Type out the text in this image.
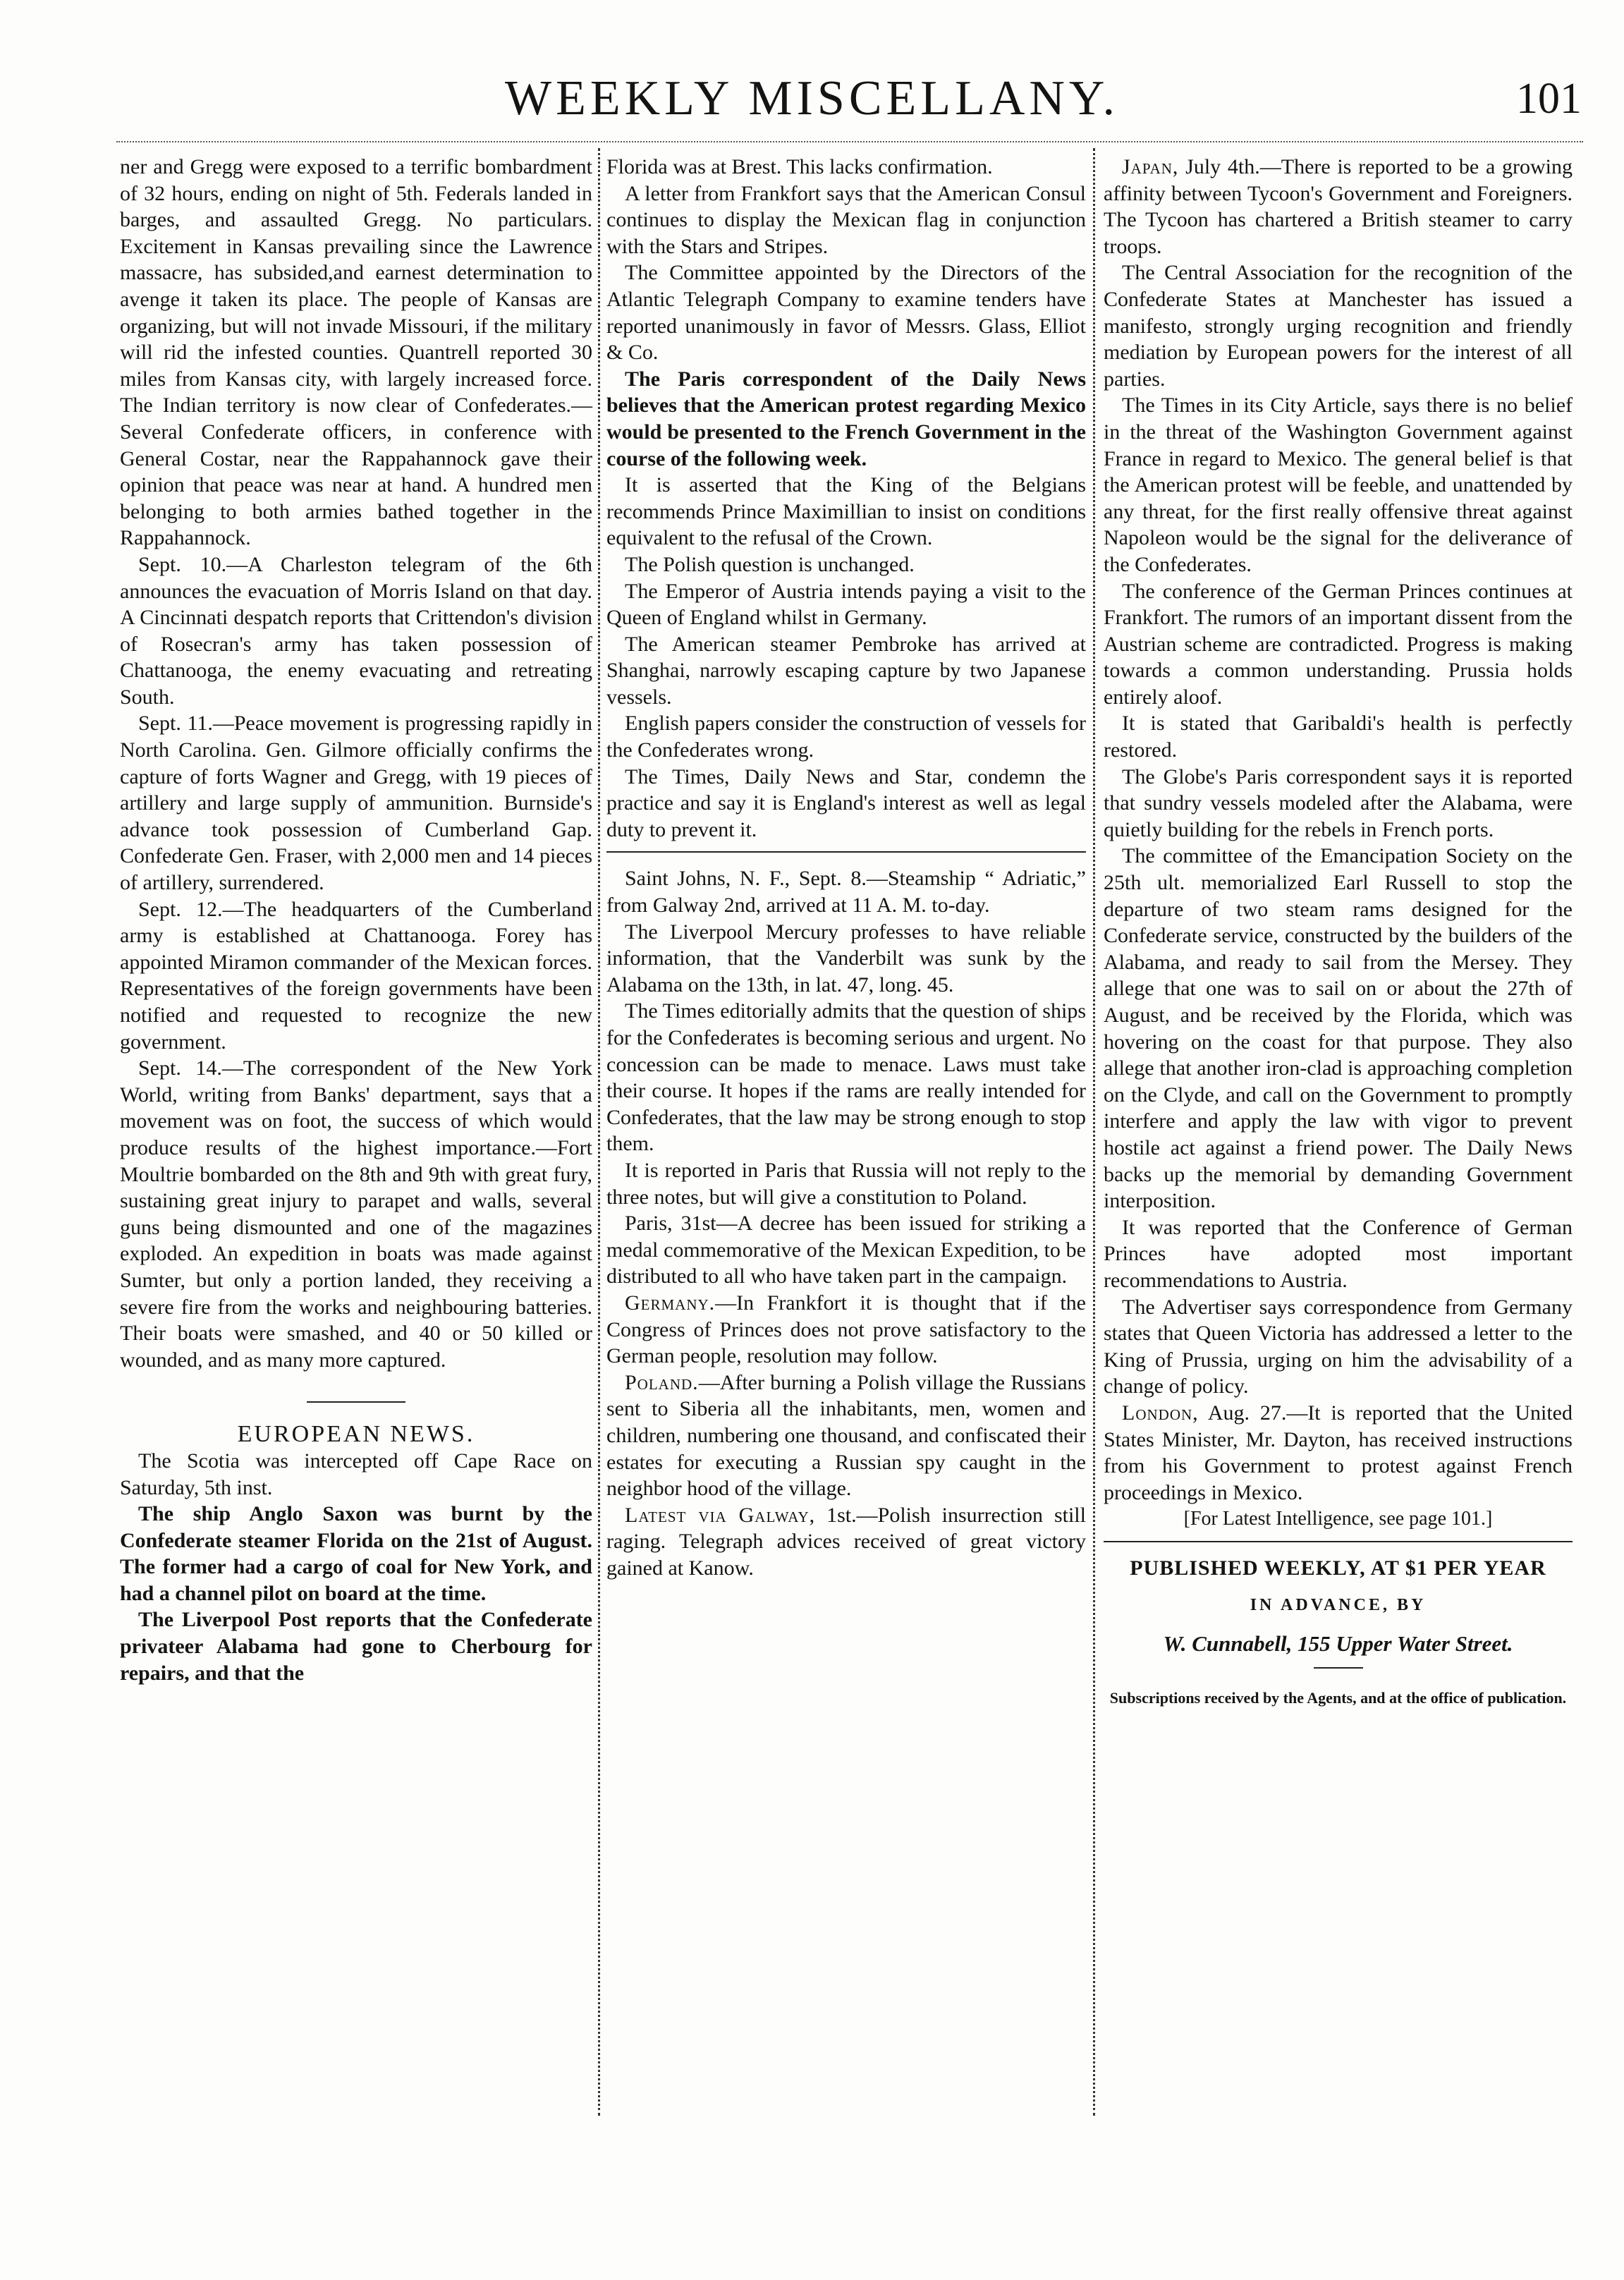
WEEKLY MISCELLANY.	101

ner and Gregg were exposed to a terrific bombardment of 32 hours, ending on night of 5th. Federals landed in barges, and assaulted Gregg. No particulars. Excitement in Kansas prevailing since the Lawrence massacre, has subsided,and earnest determination to avenge it taken its place. The people of Kansas are organizing, but will not invade Missouri, if the military will rid the infested counties. Quantrell reported 30 miles from Kansas city, with largely increased force. The Indian territory is now clear of Confederates.—Several Confederate officers, in conference with General Costar, near the Rappahannock gave their opinion that peace was near at hand. A hundred men belonging to both armies bathed together in the Rappahannock.

Sept. 10.—A Charleston telegram of the 6th announces the evacuation of Morris Island on that day. A Cincinnati despatch reports that Crittendon's division of Rosecran's army has taken possession of Chattanooga, the enemy evacuating and retreating South.

Sept. 11.—Peace movement is progressing rapidly in North Carolina. Gen. Gilmore officially confirms the capture of forts Wagner and Gregg, with 19 pieces of artillery and large supply of ammunition. Burnside's advance took possession of Cumberland Gap. Confederate Gen. Fraser, with 2,000 men and 14 pieces of artillery, surrendered.

Sept. 12.—The headquarters of the Cumberland army is established at Chattanooga. Forey has appointed Miramon commander of the Mexican forces. Representatives of the foreign governments have been notified and requested to recognize the new government.

Sept. 14.—The correspondent of the New York World, writing from Banks' department, says that a movement was on foot, the success of which would produce results of the highest importance.—Fort Moultrie bombarded on the 8th and 9th with great fury, sustaining great injury to parapet and walls, several guns being dismounted and one of the magazines exploded. An expedition in boats was made against Sumter, but only a portion landed, they receiving a severe fire from the works and neighbouring batteries. Their boats were smashed, and 40 or 50 killed or wounded, and as many more captured.

EUROPEAN NEWS.

The Scotia was intercepted off Cape Race on Saturday, 5th inst.

The ship Anglo Saxon was burnt by the Confederate steamer Florida on the 21st of August. The former had a cargo of coal for New York, and had a channel pilot on board at the time.

The Liverpool Post reports that the Confederate privateer Alabama had gone to Cherbourg for repairs, and that the

Florida was at Brest. This lacks confirmation.

A letter from Frankfort says that the American Consul continues to display the Mexican flag in conjunction with the Stars and Stripes.

The Committee appointed by the Directors of the Atlantic Telegraph Company to examine tenders have reported unanimously in favor of Messrs. Glass, Elliot & Co.

The Paris correspondent of the Daily News believes that the American protest regarding Mexico would be presented to the French Government in the course of the following week.

It is asserted that the King of the Belgians recommends Prince Maximillian to insist on conditions equivalent to the refusal of the Crown.

The Polish question is unchanged.

The Emperor of Austria intends paying a visit to the Queen of England whilst in Germany.

The American steamer Pembroke has arrived at Shanghai, narrowly escaping capture by two Japanese vessels.

English papers consider the construction of vessels for the Confederates wrong.

The Times, Daily News and Star, condemn the practice and say it is England's interest as well as legal duty to prevent it.

Saint Johns, N. F., Sept. 8.—Steamship “ Adriatic,” from Galway 2nd, arrived at 11 A. M. to-day.

The Liverpool Mercury professes to have reliable information, that the Vanderbilt was sunk by the Alabama on the 13th, in lat. 47, long. 45.

The Times editorially admits that the question of ships for the Confederates is becoming serious and urgent. No concession can be made to menace. Laws must take their course. It hopes if the rams are really intended for Confederates, that the law may be strong enough to stop them.

It is reported in Paris that Russia will not reply to the three notes, but will give a constitution to Poland.

Paris, 31st—A decree has been issued for striking a medal commemorative of the Mexican Expedition, to be distributed to all who have taken part in the campaign.

Germany.—In Frankfort it is thought that if the Congress of Princes does not prove satisfactory to the German people, resolution may follow.

Poland.—After burning a Polish village the Russians sent to Siberia all the inhabitants, men, women and children, numbering one thousand, and confiscated their estates for executing a Russian spy caught in the neighbor hood of the village.

Latest via Galway, 1st.—Polish insurrection still raging. Telegraph advices received of great victory gained at Kanow.

Japan, July 4th.—There is reported to be a growing affinity between Tycoon's Government and Foreigners. The Tycoon has chartered a British steamer to carry troops.

The Central Association for the recognition of the Confederate States at Manchester has issued a manifesto, strongly urging recognition and friendly mediation by European powers for the interest of all parties.

The Times in its City Article, says there is no belief in the threat of the Washington Government against France in regard to Mexico. The general belief is that the American protest will be feeble, and unattended by any threat, for the first really offensive threat against Napoleon would be the signal for the deliverance of the Confederates.

The conference of the German Princes continues at Frankfort. The rumors of an important dissent from the Austrian scheme are contradicted. Progress is making towards a common understanding. Prussia holds entirely aloof.

It is stated that Garibaldi's health is perfectly restored.

The Globe's Paris correspondent says it is reported that sundry vessels modeled after the Alabama, were quietly building for the rebels in French ports.

The committee of the Emancipation Society on the 25th ult. memorialized Earl Russell to stop the departure of two steam rams designed for the Confederate service, constructed by the builders of the Alabama, and ready to sail from the Mersey. They allege that one was to sail on or about the 27th of August, and be received by the Florida, which was hovering on the coast for that purpose. They also allege that another iron-clad is approaching completion on the Clyde, and call on the Government to promptly interfere and apply the law with vigor to prevent hostile act against a friend power. The Daily News backs up the memorial by demanding Government interposition.

It was reported that the Conference of German Princes have adopted most important recommendations to Austria.

The Advertiser says correspondence from Germany states that Queen Victoria has addressed a letter to the King of Prussia, urging on him the advisability of a change of policy.

London, Aug. 27.—It is reported that the United States Minister, Mr. Dayton, has received instructions from his Government to protest against French proceedings in Mexico.

[For Latest Intelligence, see page 101.]

PUBLISHED WEEKLY, AT $1 PER YEAR
IN ADVANCE, BY
W. Cunnabell, 155 Upper Water Street.
Subscriptions received by the Agents, and at the office of publication.
